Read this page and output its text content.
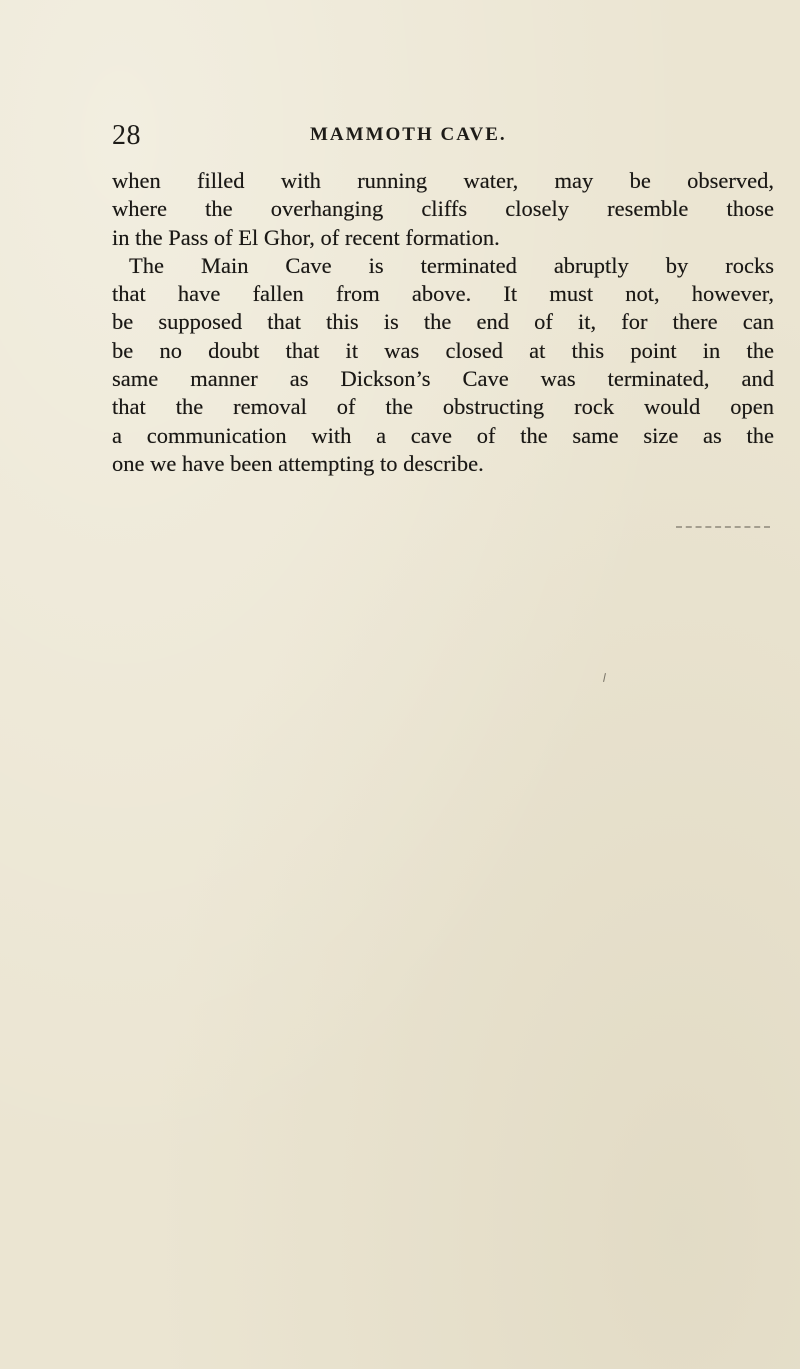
28	MAMMOTH CAVE.
when filled with running water, may be observed,
where the overhanging cliffs closely resemble those
in the Pass of El Ghor, of recent formation.
The Main Cave is terminated abruptly by rocks
that have fallen from above. It must not, however,
be supposed that this is the end of it, for there can
be no doubt that it was closed at this point in the
same manner as Dickson’s Cave was terminated, and
that the removal of the obstructing rock would open
a communication with a cave of the same size as the
one we have been attempting to describe.
